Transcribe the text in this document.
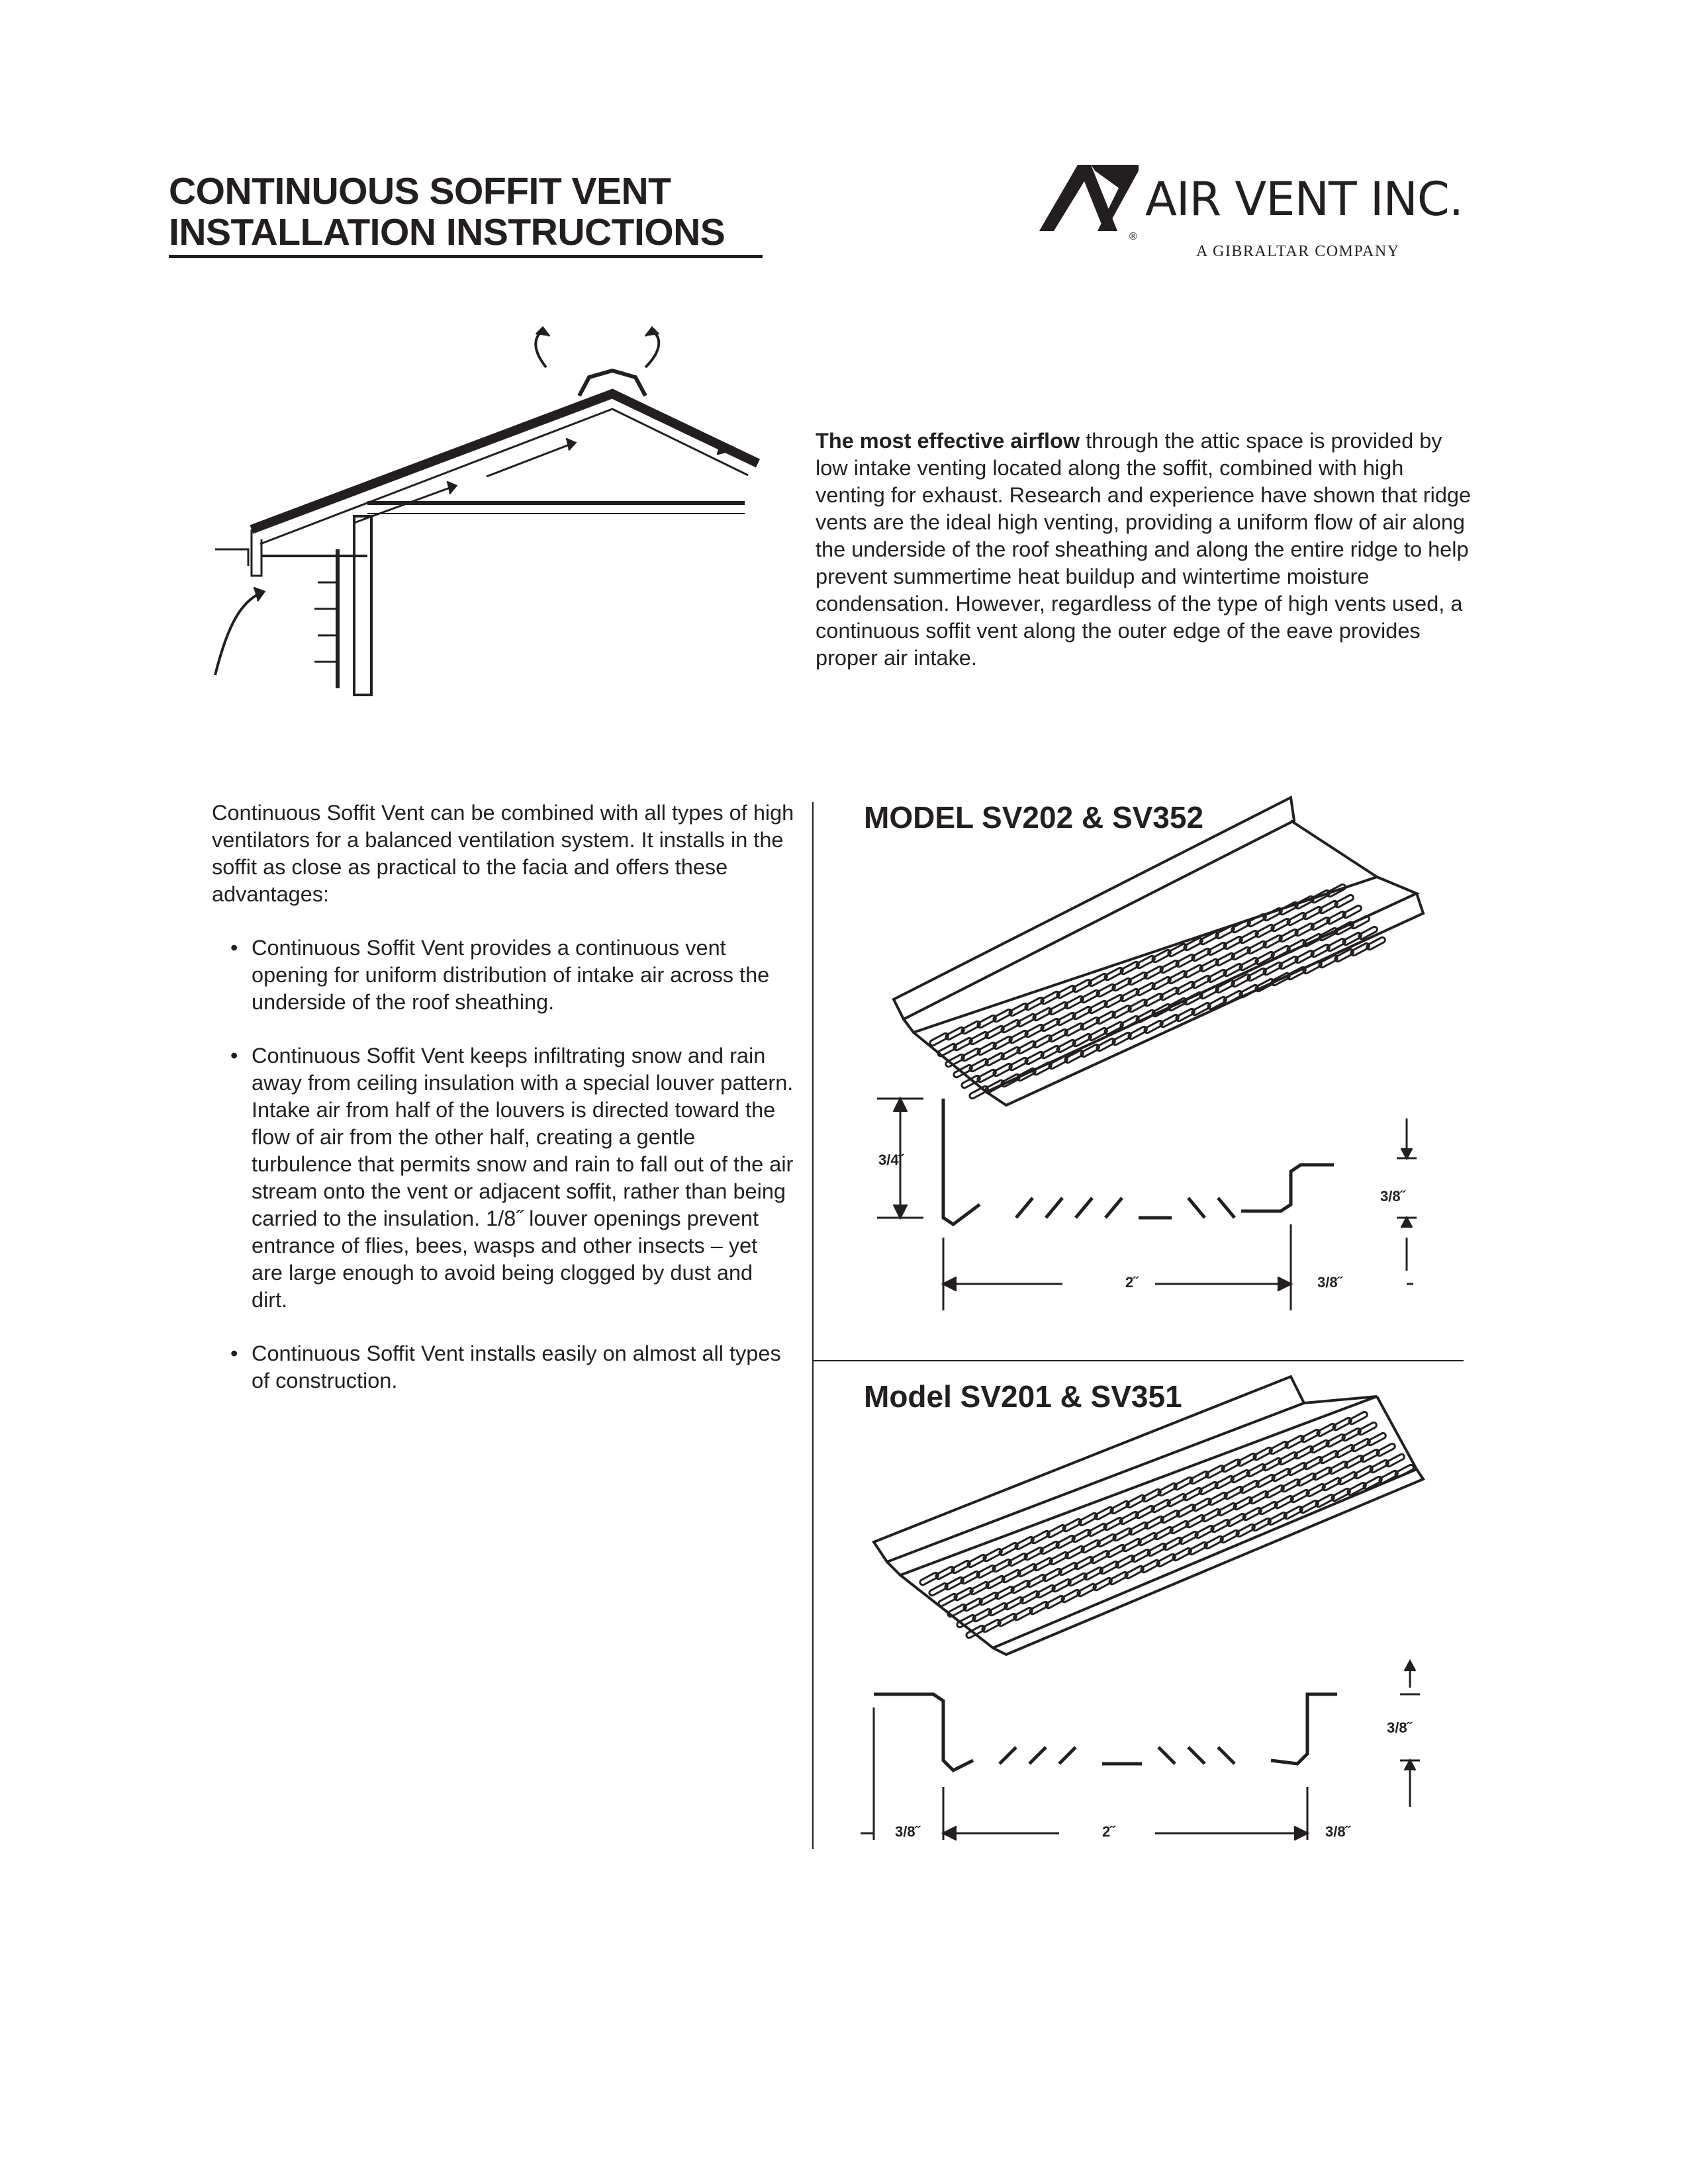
CONTINUOUS SOFFIT VENT
INSTALLATION INSTRUCTIONS	®
AIR VENT INC.
A GIBRALTAR COMPANY
The most effective airflow through the attic space is provided by low intake venting located along the soffit, combined with high venting for exhaust. Research and experience have shown that ridge vents are the ideal high venting, providing a uniform flow of air along the underside of the roof sheathing and along the entire ridge to help prevent summertime heat buildup and wintertime moisture condensation. However, regardless of the type of high vents used, a continuous soffit vent along the outer edge of the eave provides proper air intake.
Continuous Soffit Vent can be combined with all types of high ventilators for a balanced ventilation system. It installs in the soffit as close as practical to the facia and offers these advantages:
• Continuous Soffit Vent provides a continuous vent opening for uniform distribution of intake air across the underside of the roof sheathing.
• Continuous Soffit Vent keeps infiltrating snow and rain away from ceiling insulation with a special louver pattern. Intake air from half of the louvers is directed toward the flow of air from the other half, creating a gentle turbulence that permits snow and rain to fall out of the air stream onto the vent or adjacent soffit, rather than being carried to the insulation. 1/8˝ louver openings prevent entrance of flies, bees, wasps and other insects – yet are large enough to avoid being clogged by dust and dirt.
• Continuous Soffit Vent installs easily on almost all types of construction.
MODEL SV202 & SV352
3/4˝
3/8˝
2˝	3/8˝
Model SV201 & SV351
3/8˝
3/8˝
2˝	3/8˝
